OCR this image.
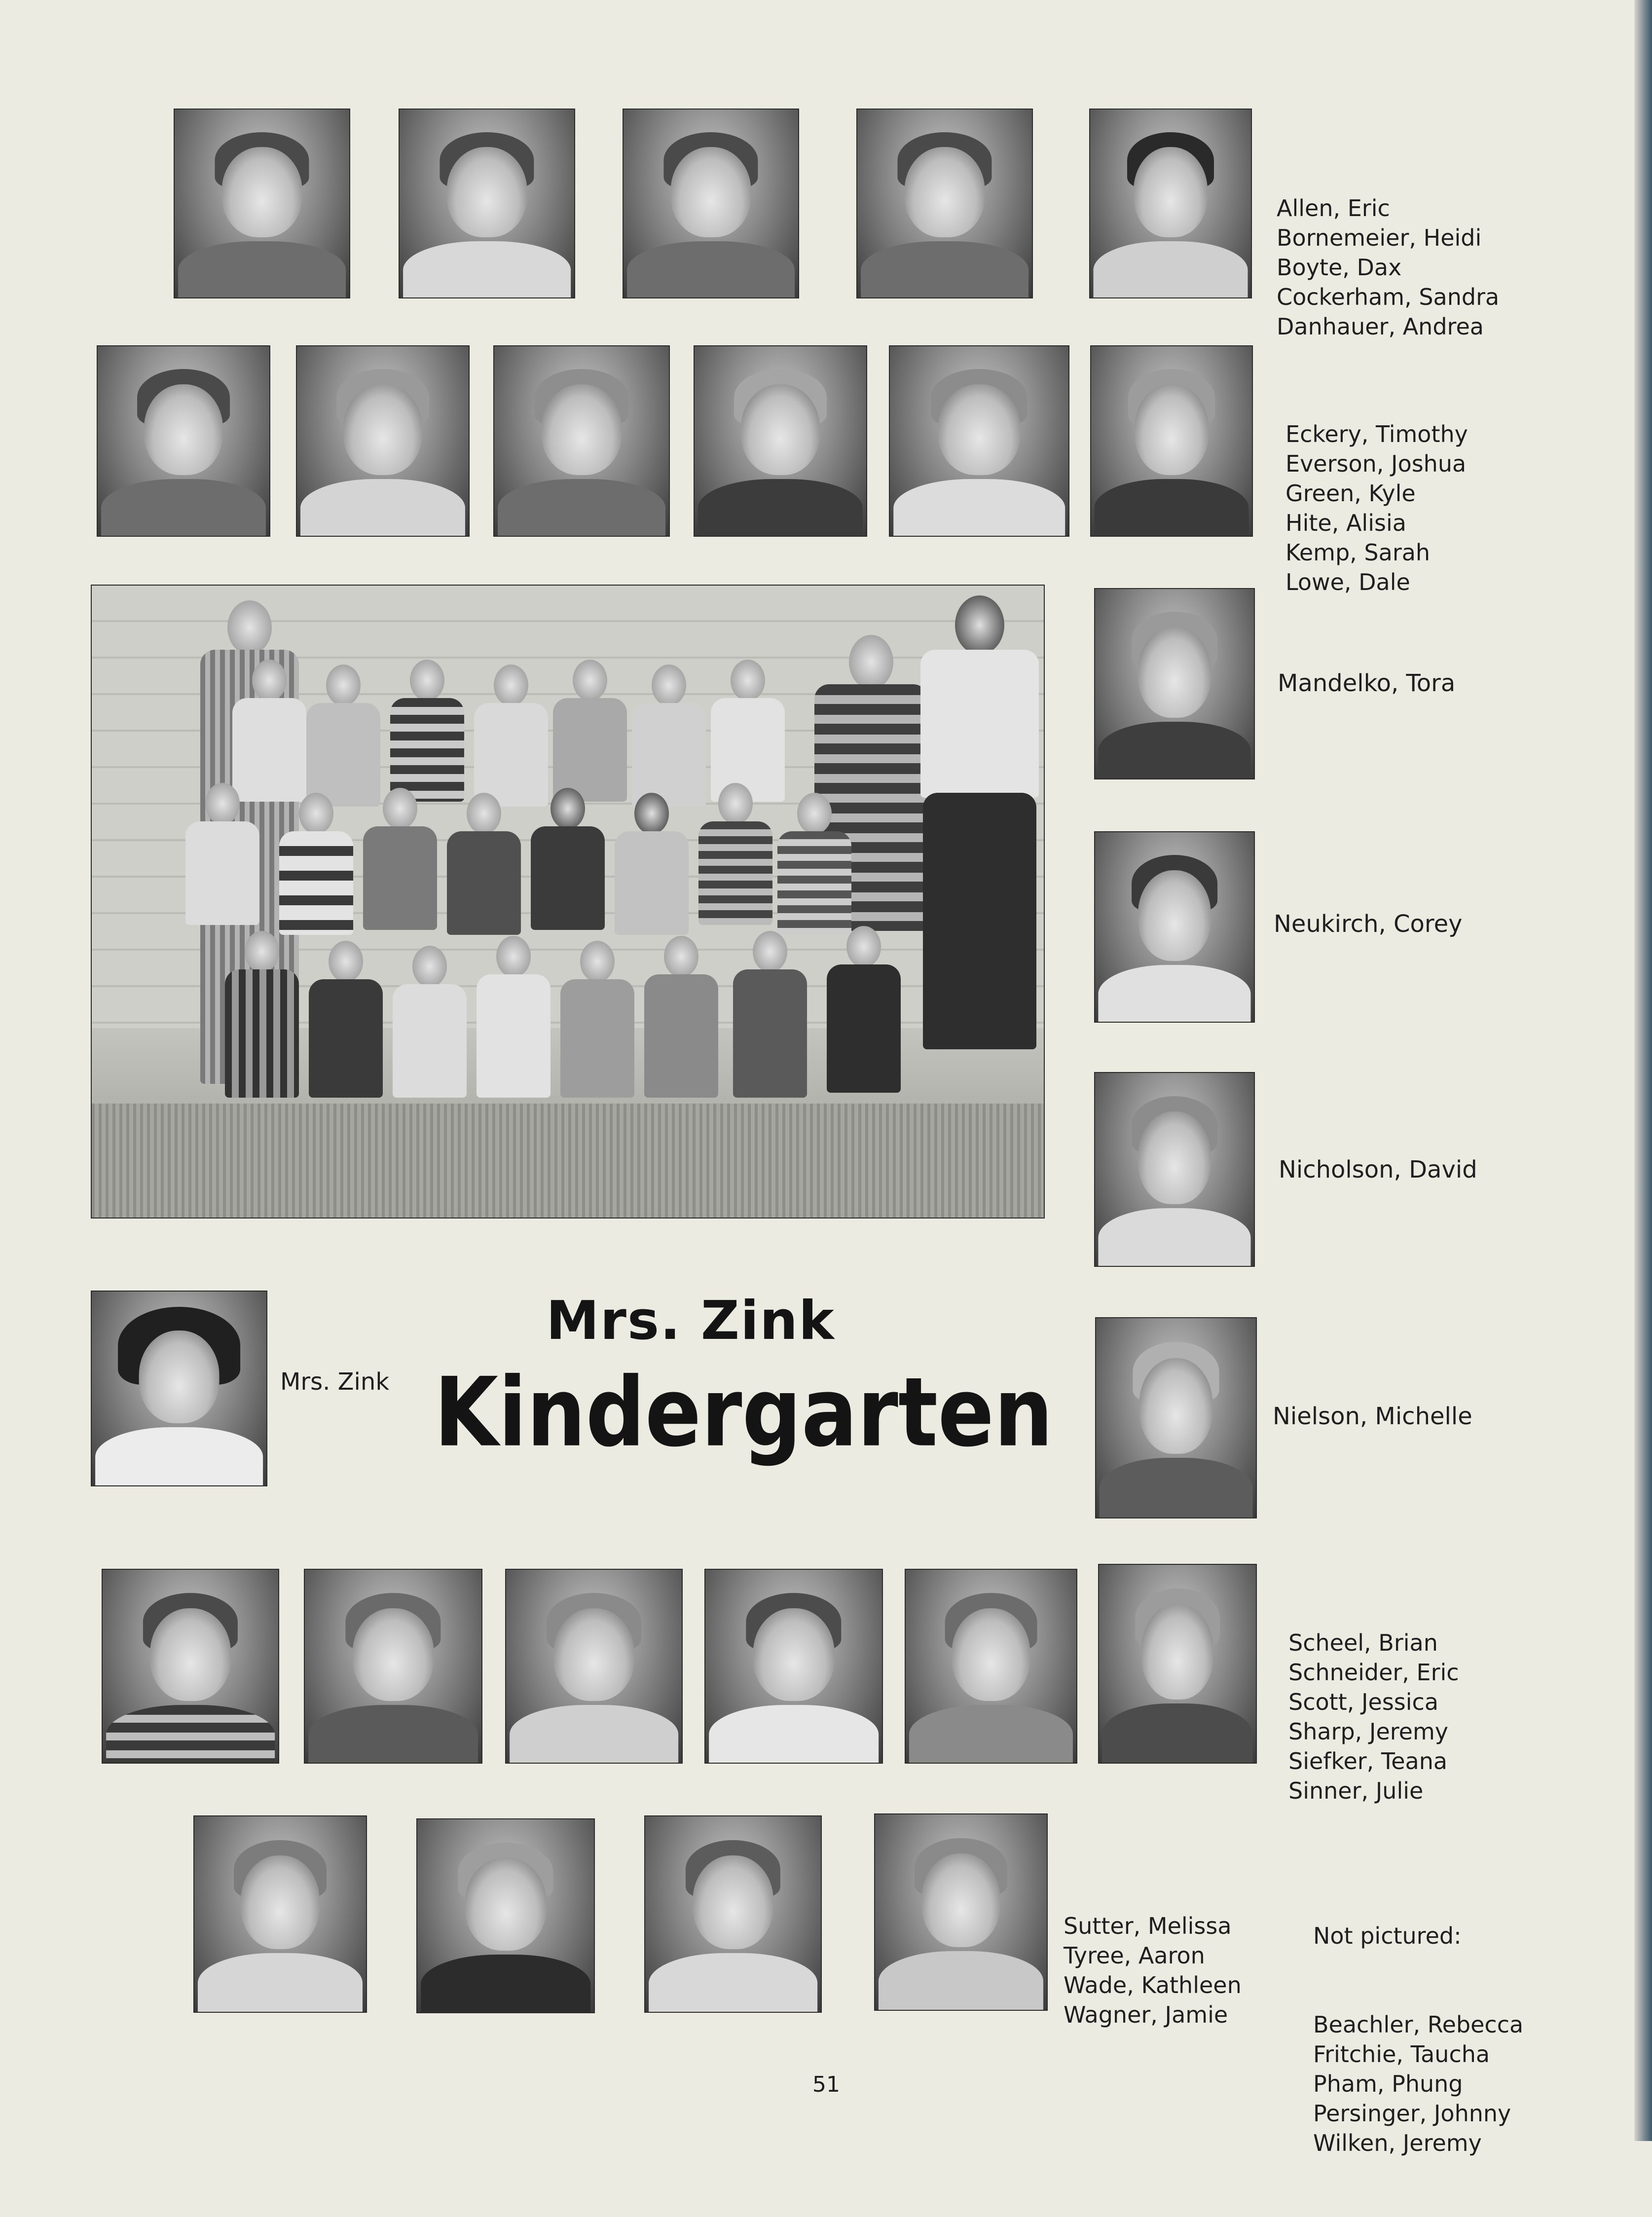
Allen, Eric
Bornemeier, Heidi
Boyte, Dax
Cockerham, Sandra
Danhauer, Andrea

Eckery, Timothy
Everson, Joshua
Green, Kyle
Hite, Alisia
Kemp, Sarah
Lowe, Dale

Mandelko, Tora
Neukirch, Corey
Nicholson, David
Nielson, Michelle
Mrs. Zink
Mrs. Zink
Kindergarten

Scheel, Brian
Schneider, Eric
Scott, Jessica
Sharp, Jeremy
Siefker, Teana
Sinner, Julie

Sutter, Melissa
Tyree, Aaron
Wade, Kathleen
Wagner, Jamie

Not pictured:

Beachler, Rebecca
Fritchie, Taucha
Pham, Phung
Persinger, Johnny
Wilken, Jeremy

51
